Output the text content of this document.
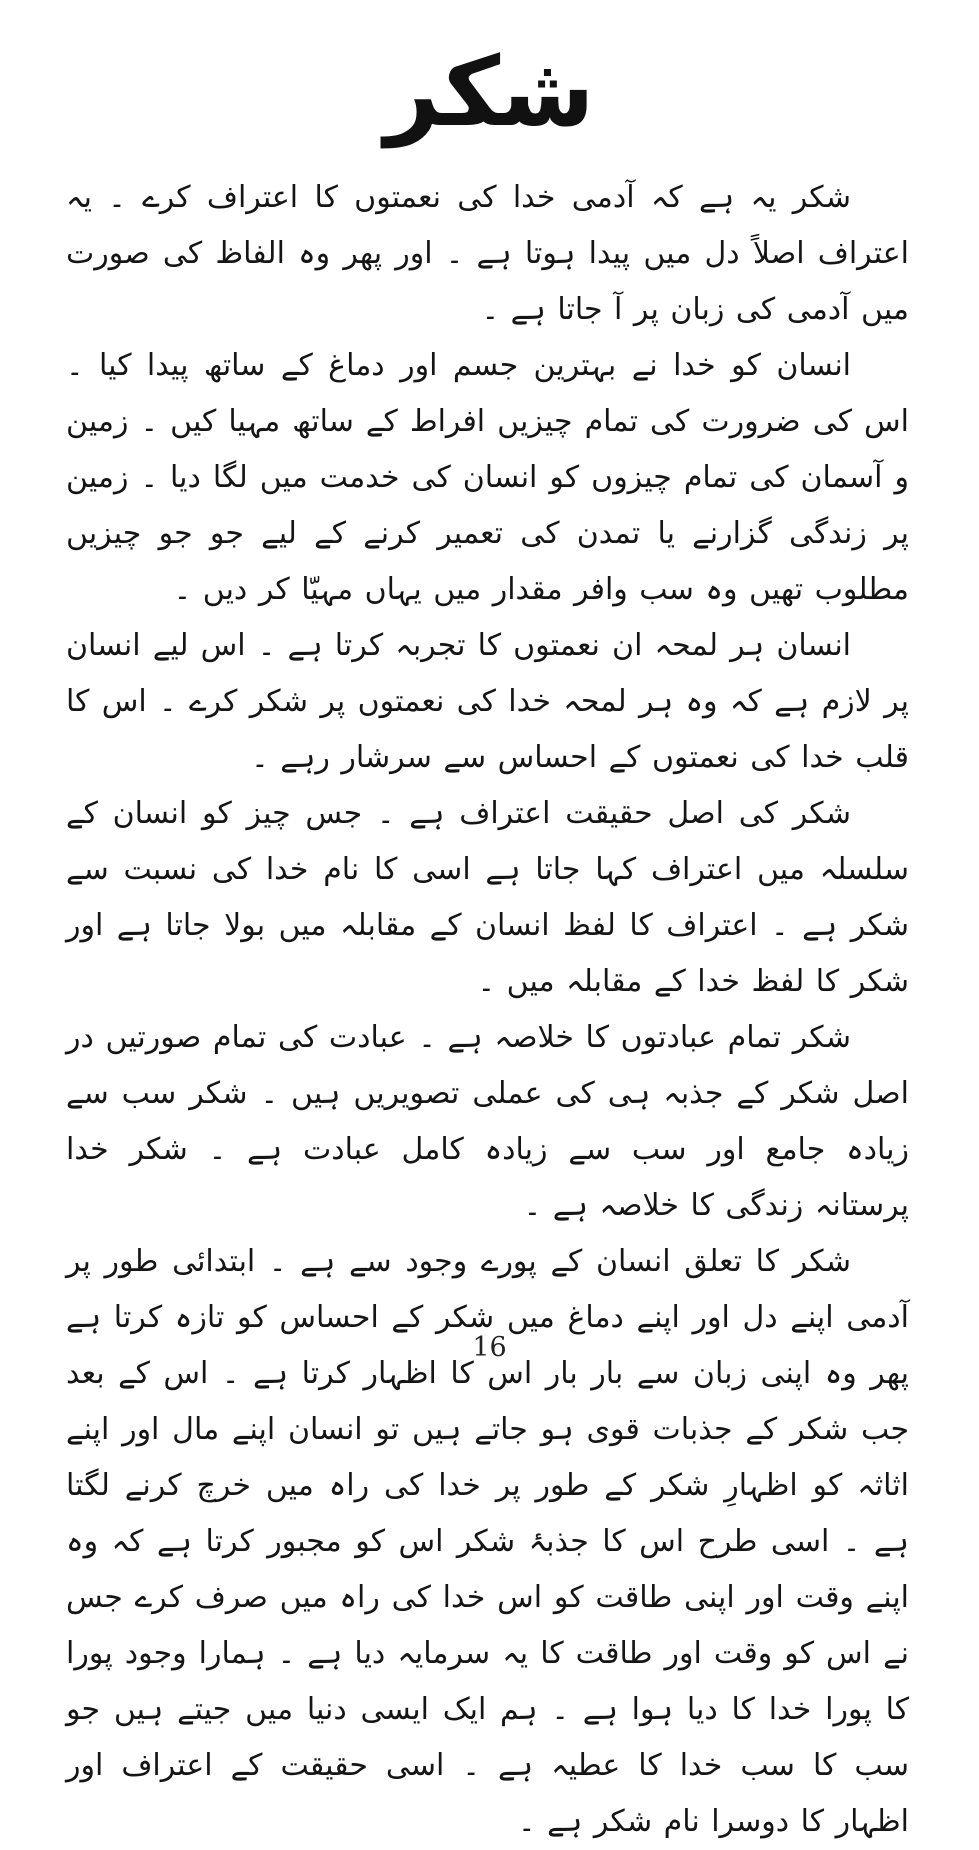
شکر

شکر یہ ہے کہ آدمی خدا کی نعمتوں کا اعتراف کرے ۔ یہ اعتراف اصلاً دل میں پیدا ہوتا ہے ۔ اور پھر وہ الفاظ کی صورت میں آدمی کی زبان پر آ جاتا ہے ۔

انسان کو خدا نے بہترین جسم اور دماغ کے ساتھ پیدا کیا ۔ اس کی ضرورت کی تمام چیزیں افراط کے ساتھ مہیا کیں ۔ زمین و آسمان کی تمام چیزوں کو انسان کی خدمت میں لگا دیا ۔ زمین پر زندگی گزارنے یا تمدن کی تعمیر کرنے کے لیے جو جو چیزیں مطلوب تھیں وہ سب وافر مقدار میں یہاں مہیّا کر دیں ۔

انسان ہر لمحہ ان نعمتوں کا تجربہ کرتا ہے ۔ اس لیے انسان پر لازم ہے کہ وہ ہر لمحہ خدا کی نعمتوں پر شکر کرے ۔ اس کا قلب خدا کی نعمتوں کے احساس سے سرشار رہے ۔

شکر کی اصل حقیقت اعتراف ہے ۔ جس چیز کو انسان کے سلسلہ میں اعتراف کہا جاتا ہے اسی کا نام خدا کی نسبت سے شکر ہے ۔ اعتراف کا لفظ انسان کے مقابلہ میں بولا جاتا ہے اور شکر کا لفظ خدا کے مقابلہ میں ۔

شکر تمام عبادتوں کا خلاصہ ہے ۔ عبادت کی تمام صورتیں در اصل شکر کے جذبہ ہی کی عملی تصویریں ہیں ۔ شکر سب سے زیادہ جامع اور سب سے زیادہ کامل عبادت ہے ۔ شکر خدا پرستانہ زندگی کا خلاصہ ہے ۔

شکر کا تعلق انسان کے پورے وجود سے ہے ۔ ابتدائی طور پر آدمی اپنے دل اور اپنے دماغ میں شکر کے احساس کو تازہ کرتا ہے پھر وہ اپنی زبان سے بار بار اس کا اظہار کرتا ہے ۔ اس کے بعد جب شکر کے جذبات قوی ہو جاتے ہیں تو انسان اپنے مال اور اپنے اثاثہ کو اظہارِ شکر کے طور پر خدا کی راہ میں خرچ کرنے لگتا ہے ۔ اسی طرح اس کا جذبۂ شکر اس کو مجبور کرتا ہے کہ وہ اپنے وقت اور اپنی طاقت کو اس خدا کی راہ میں صرف کرے جس نے اس کو وقت اور طاقت کا یہ سرمایہ دیا ہے ۔ ہمارا وجود پورا کا پورا خدا کا دیا ہوا ہے ۔ ہم ایک ایسی دنیا میں جیتے ہیں جو سب کا سب خدا کا عطیہ ہے ۔ اسی حقیقت کے اعتراف اور اظہار کا دوسرا نام شکر ہے ۔

16
